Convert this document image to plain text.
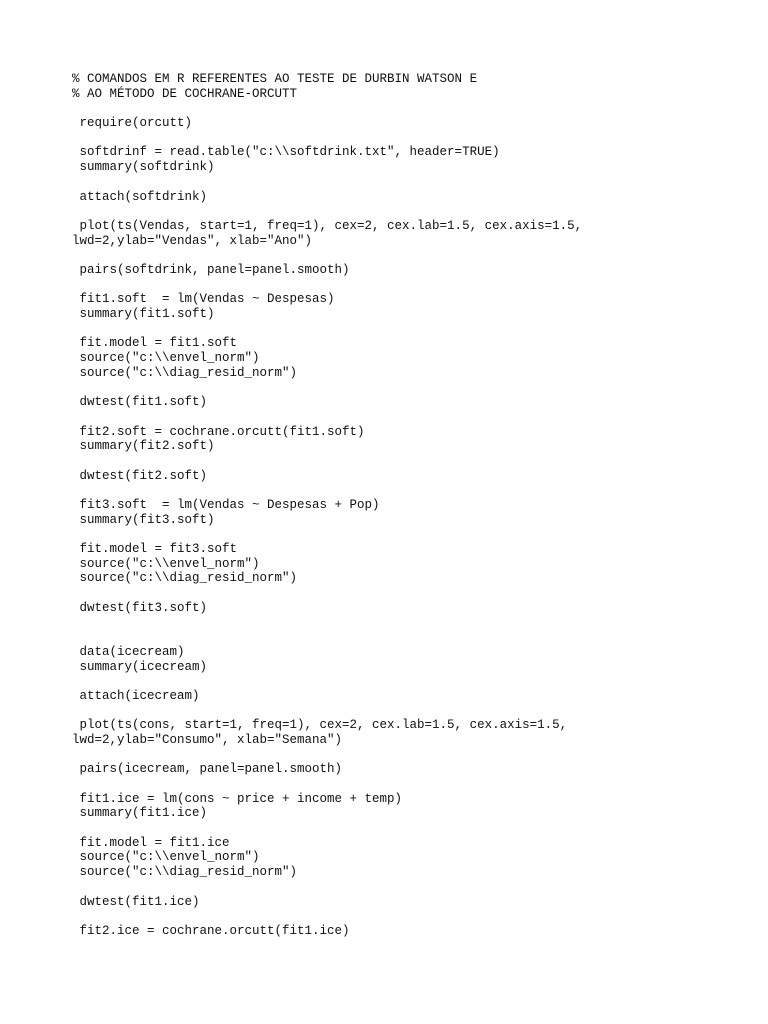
% COMANDOS EM R REFERENTES AO TESTE DE DURBIN WATSON E
% AO MÉTODO DE COCHRANE-ORCUTT
require(orcutt)
softdrinf = read.table("c:\\softdrink.txt", header=TRUE)
summary(softdrink)
attach(softdrink)
plot(ts(Vendas, start=1, freq=1), cex=2, cex.lab=1.5, cex.axis=1.5,
lwd=2,ylab="Vendas", xlab="Ano")
pairs(softdrink, panel=panel.smooth)
fit1.soft  = lm(Vendas ~ Despesas)
summary(fit1.soft)
fit.model = fit1.soft
source("c:\\envel_norm")
source("c:\\diag_resid_norm")
dwtest(fit1.soft)
fit2.soft = cochrane.orcutt(fit1.soft)
summary(fit2.soft)
dwtest(fit2.soft)
fit3.soft  = lm(Vendas ~ Despesas + Pop)
summary(fit3.soft)
fit.model = fit3.soft
source("c:\\envel_norm")
source("c:\\diag_resid_norm")
dwtest(fit3.soft)
data(icecream)
summary(icecream)
attach(icecream)
plot(ts(cons, start=1, freq=1), cex=2, cex.lab=1.5, cex.axis=1.5,
lwd=2,ylab="Consumo", xlab="Semana")
pairs(icecream, panel=panel.smooth)
fit1.ice = lm(cons ~ price + income + temp)
summary(fit1.ice)
fit.model = fit1.ice
source("c:\\envel_norm")
source("c:\\diag_resid_norm")
dwtest(fit1.ice)
fit2.ice = cochrane.orcutt(fit1.ice)
